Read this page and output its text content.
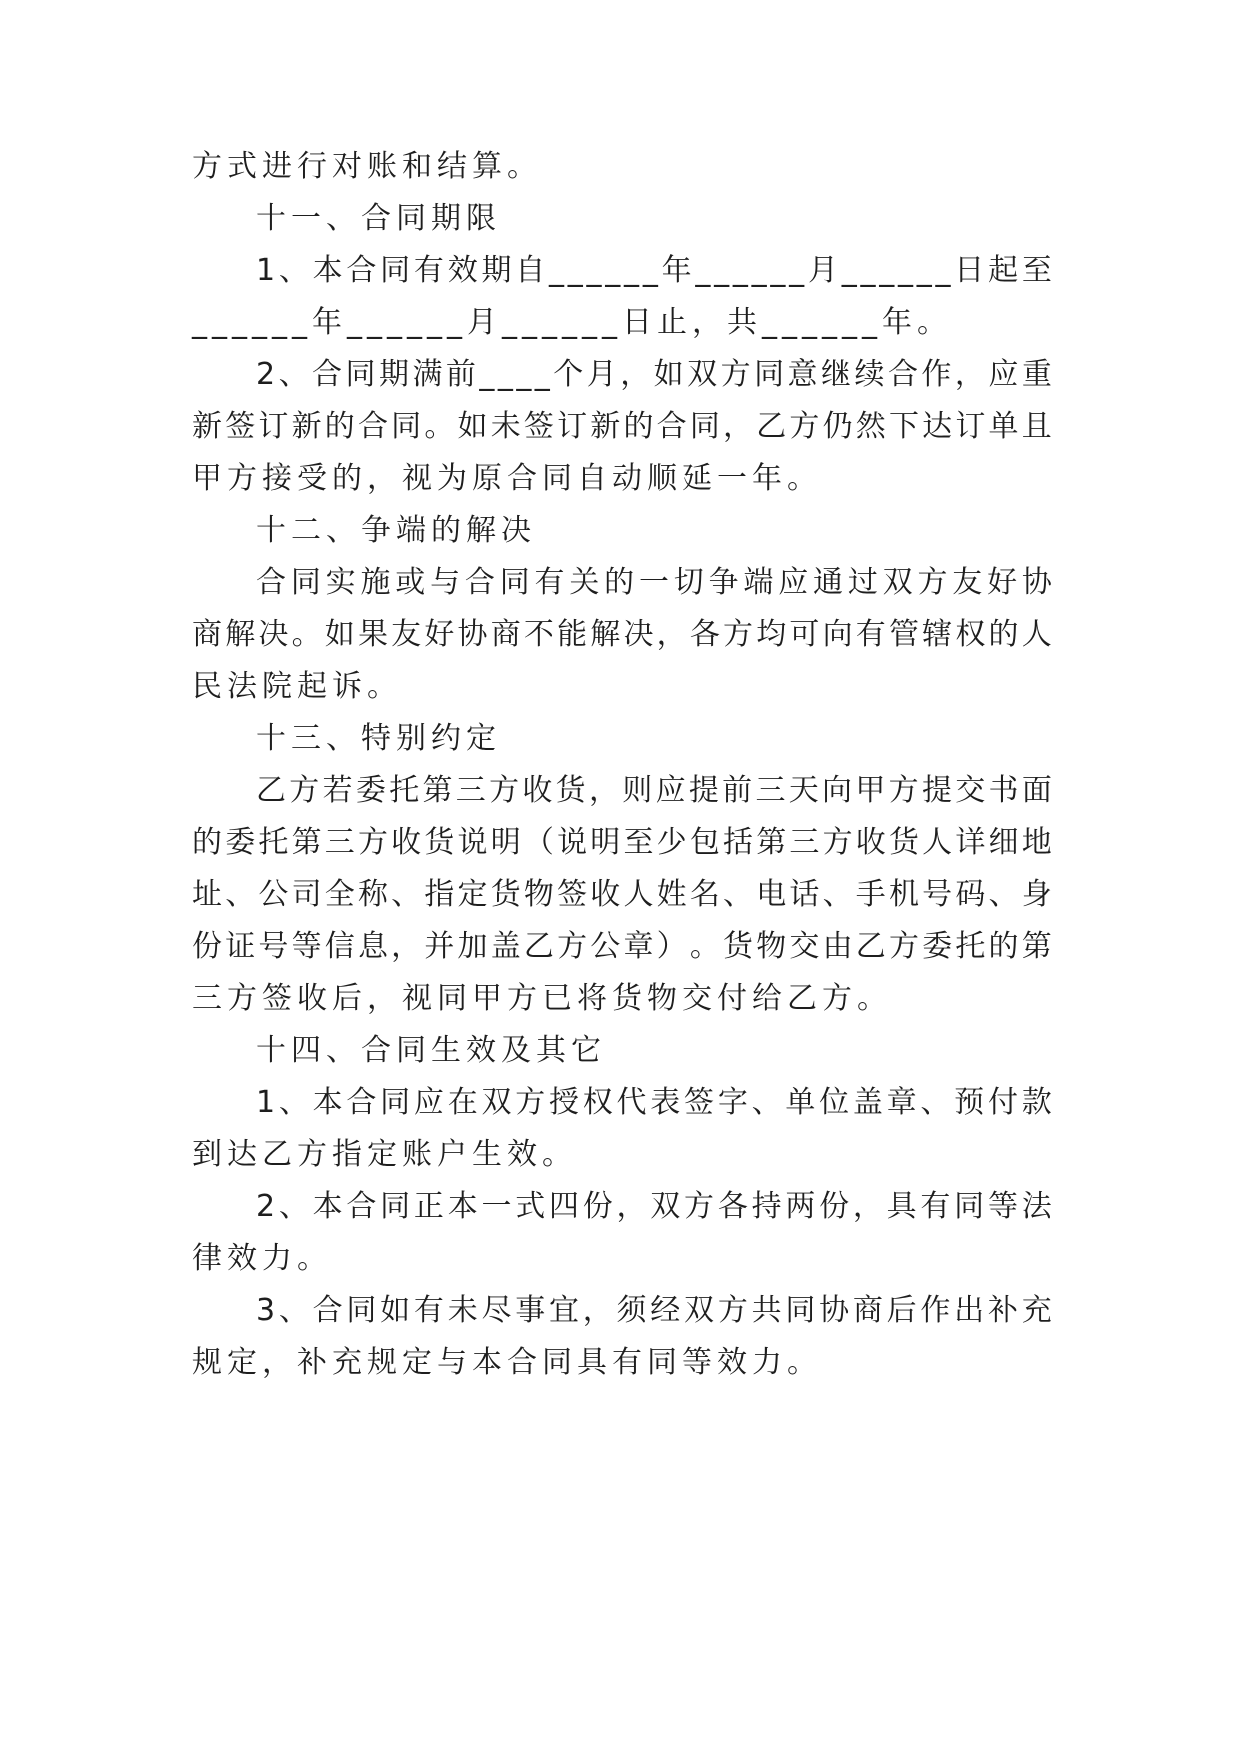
方式进行对账和结算。
十一、合同期限
1 、 本 合 同 有 效 期 自 _ _ _ _ _ _ 年 _ _ _ _ _ _ 月 _ _ _ _ _ _ 日 起 至
______年______月______日止，共______年。
2 、 合 同 期 满 前 _ _ _ _ 个 月 ， 如 双 方 同 意 继 续 合 作 ， 应 重
新 签 订 新 的 合 同 。 如 未 签 订 新 的 合 同 ， 乙 方 仍 然 下 达 订 单 且
甲方接受的，视为原合同自动顺延一年。
十二、争端的解决
合 同 实 施 或 与 合 同 有 关 的 一 切 争 端 应 通 过 双 方 友 好 协
商 解 决 。 如 果 友 好 协 商 不 能 解 决 ， 各 方 均 可 向 有 管 辖 权 的 人
民法院起诉。
十三、特别约定
乙 方 若 委 托 第 三 方 收 货 ， 则 应 提 前 三 天 向 甲 方 提 交 书 面
的 委 托 第 三 方 收 货 说 明 （ 说 明 至 少 包 括 第 三 方 收 货 人 详 细 地
址 、 公 司 全 称 、 指 定 货 物 签 收 人 姓 名 、 电 话 、 手 机 号 码 、 身
份 证 号 等 信 息 ， 并 加 盖 乙 方 公 章 ） 。 货 物 交 由 乙 方 委 托 的 第
三方签收后，视同甲方已将货物交付给乙方。
十四、合同生效及其它
1 、 本 合 同 应 在 双 方 授 权 代 表 签 字 、 单 位 盖 章 、 预 付 款
到达乙方指定账户生效。
2 、 本 合 同 正 本 一 式 四 份 ， 双 方 各 持 两 份 ， 具 有 同 等 法
律效力。
3 、 合 同 如 有 未 尽 事 宜 ， 须 经 双 方 共 同 协 商 后 作 出 补 充
规定，补充规定与本合同具有同等效力。
